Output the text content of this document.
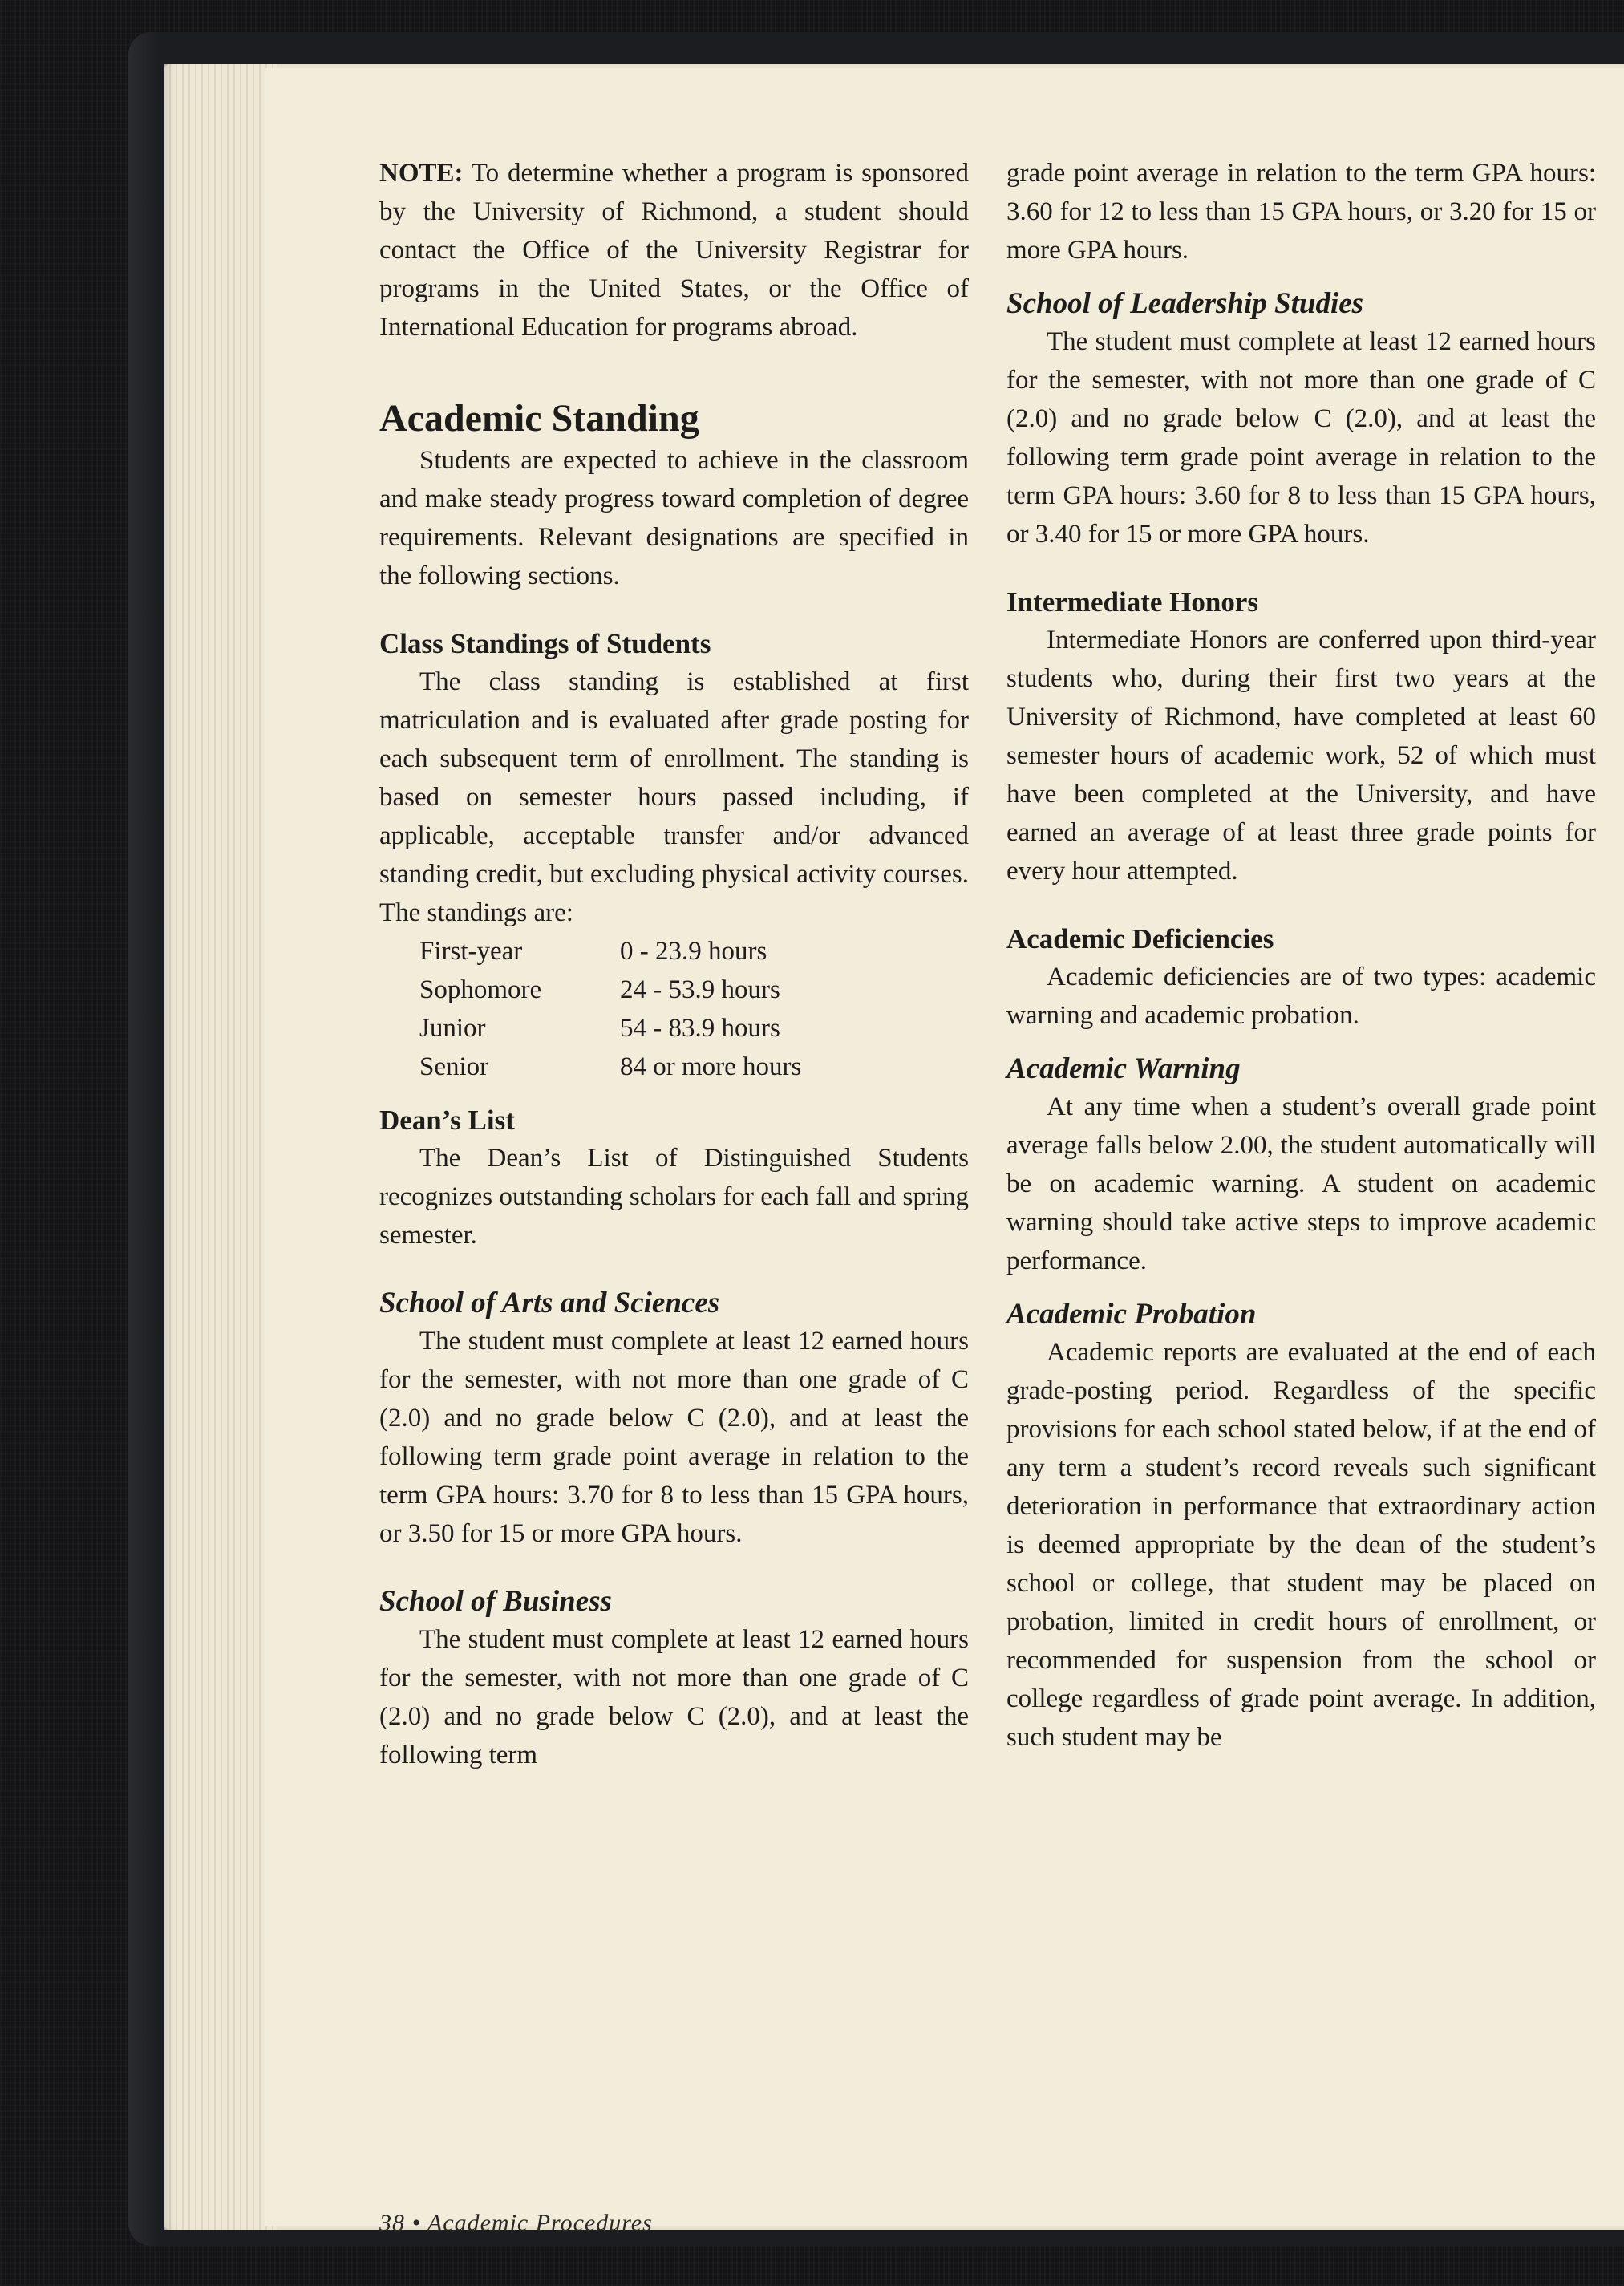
NOTE: To determine whether a program is sponsored by the University of Richmond, a student should contact the Office of the University Registrar for programs in the United States, or the Office of International Education for programs abroad.

Academic Standing

Students are expected to achieve in the classroom and make steady progress toward completion of degree requirements. Relevant designations are specified in the following sections.

Class Standings of Students

The class standing is established at first matriculation and is evaluated after grade posting for each subsequent term of enrollment. The standing is based on semester hours passed including, if applicable, acceptable transfer and/or advanced standing credit, but excluding physical activity courses. The standings are:

First-year	0 - 23.9 hours
Sophomore	24 - 53.9 hours
Junior	54 - 83.9 hours
Senior	84 or more hours
Dean’s List

The Dean’s List of Distinguished Students recognizes outstanding scholars for each fall and spring semester.

School of Arts and Sciences

The student must complete at least 12 earned hours for the semester, with not more than one grade of C (2.0) and no grade below C (2.0), and at least the following term grade point average in relation to the term GPA hours: 3.70 for 8 to less than 15 GPA hours, or 3.50 for 15 or more GPA hours.

School of Business

The student must complete at least 12 earned hours for the semester, with not more than one grade of C (2.0) and no grade below C (2.0), and at least the following term

grade point average in relation to the term GPA hours: 3.60 for 12 to less than 15 GPA hours, or 3.20 for 15 or more GPA hours.

School of Leadership Studies

The student must complete at least 12 earned hours for the semester, with not more than one grade of C (2.0) and no grade below C (2.0), and at least the following term grade point average in relation to the term GPA hours: 3.60 for 8 to less than 15 GPA hours, or 3.40 for 15 or more GPA hours.

Intermediate Honors

Intermediate Honors are conferred upon third-year students who, during their first two years at the University of Richmond, have completed at least 60 semester hours of academic work, 52 of which must have been completed at the University, and have earned an average of at least three grade points for every hour attempted.

Academic Deficiencies

Academic deficiencies are of two types: academic warning and academic probation.

Academic Warning

At any time when a student’s overall grade point average falls below 2.00, the student automatically will be on academic warning. A student on academic warning should take active steps to improve academic performance.

Academic Probation

Academic reports are evaluated at the end of each grade-posting period. Regardless of the specific provisions for each school stated below, if at the end of any term a student’s record reveals such significant deterioration in performance that extraordinary action is deemed appropriate by the dean of the student’s school or college, that student may be placed on probation, limited in credit hours of enrollment, or recommended for suspension from the school or college regardless of grade point average. In addition, such student may be

38 • Academic Procedures
